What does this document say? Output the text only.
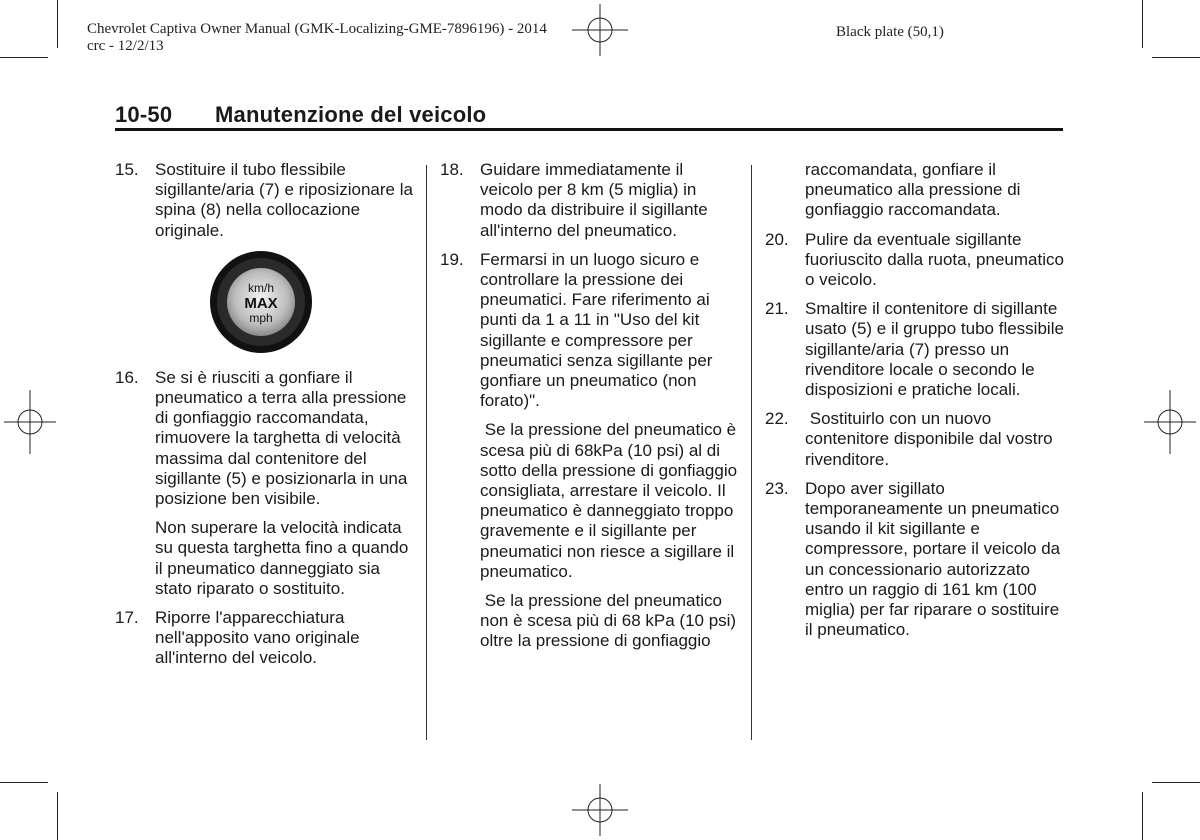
Chevrolet Captiva Owner Manual (GMK-Localizing-GME-7896196) - 2014
crc - 12/2/13
Black plate (50,1)
10-50 Manutenzione del veicolo
15. Sostituire il tubo flessibile sigillante/aria (7) e riposizionare la spina (8) nella collocazione originale.
km/h
MAX
mph
16. Se si è riusciti a gonfiare il pneumatico a terra alla pressione di gonfiaggio raccomandata, rimuovere la targhetta di velocità massima dal contenitore del sigillante (5) e posizionarla in una posizione ben visibile.
Non superare la velocità indicata su questa targhetta fino a quando il pneumatico danneggiato sia stato riparato o sostituito.
17. Riporre l'apparecchiatura nell'apposito vano originale all'interno del veicolo.
18. Guidare immediatamente il veicolo per 8 km (5 miglia) in modo da distribuire il sigillante all'interno del pneumatico.
19. Fermarsi in un luogo sicuro e controllare la pressione dei pneumatici. Fare riferimento ai punti da 1 a 11 in "Uso del kit sigillante e compressore per pneumatici senza sigillante per gonfiare un pneumatico (non forato)".
Se la pressione del pneumatico è scesa più di 68kPa (10 psi) al di sotto della pressione di gonfiaggio consigliata, arrestare il veicolo. Il pneumatico è danneggiato troppo gravemente e il sigillante per pneumatici non riesce a sigillare il pneumatico.
Se la pressione del pneumatico non è scesa più di 68 kPa (10 psi) oltre la pressione di gonfiaggio
raccomandata, gonfiare il pneumatico alla pressione di gonfiaggio raccomandata.
20. Pulire da eventuale sigillante fuoriuscito dalla ruota, pneumatico o veicolo.
21. Smaltire il contenitore di sigillante usato (5) e il gruppo tubo flessibile sigillante/aria (7) presso un rivenditore locale o secondo le disposizioni e pratiche locali.
22. Sostituirlo con un nuovo contenitore disponibile dal vostro rivenditore.
23. Dopo aver sigillato temporaneamente un pneumatico usando il kit sigillante e compressore, portare il veicolo da un concessionario autorizzato entro un raggio di 161 km (100 miglia) per far riparare o sostituire il pneumatico.
